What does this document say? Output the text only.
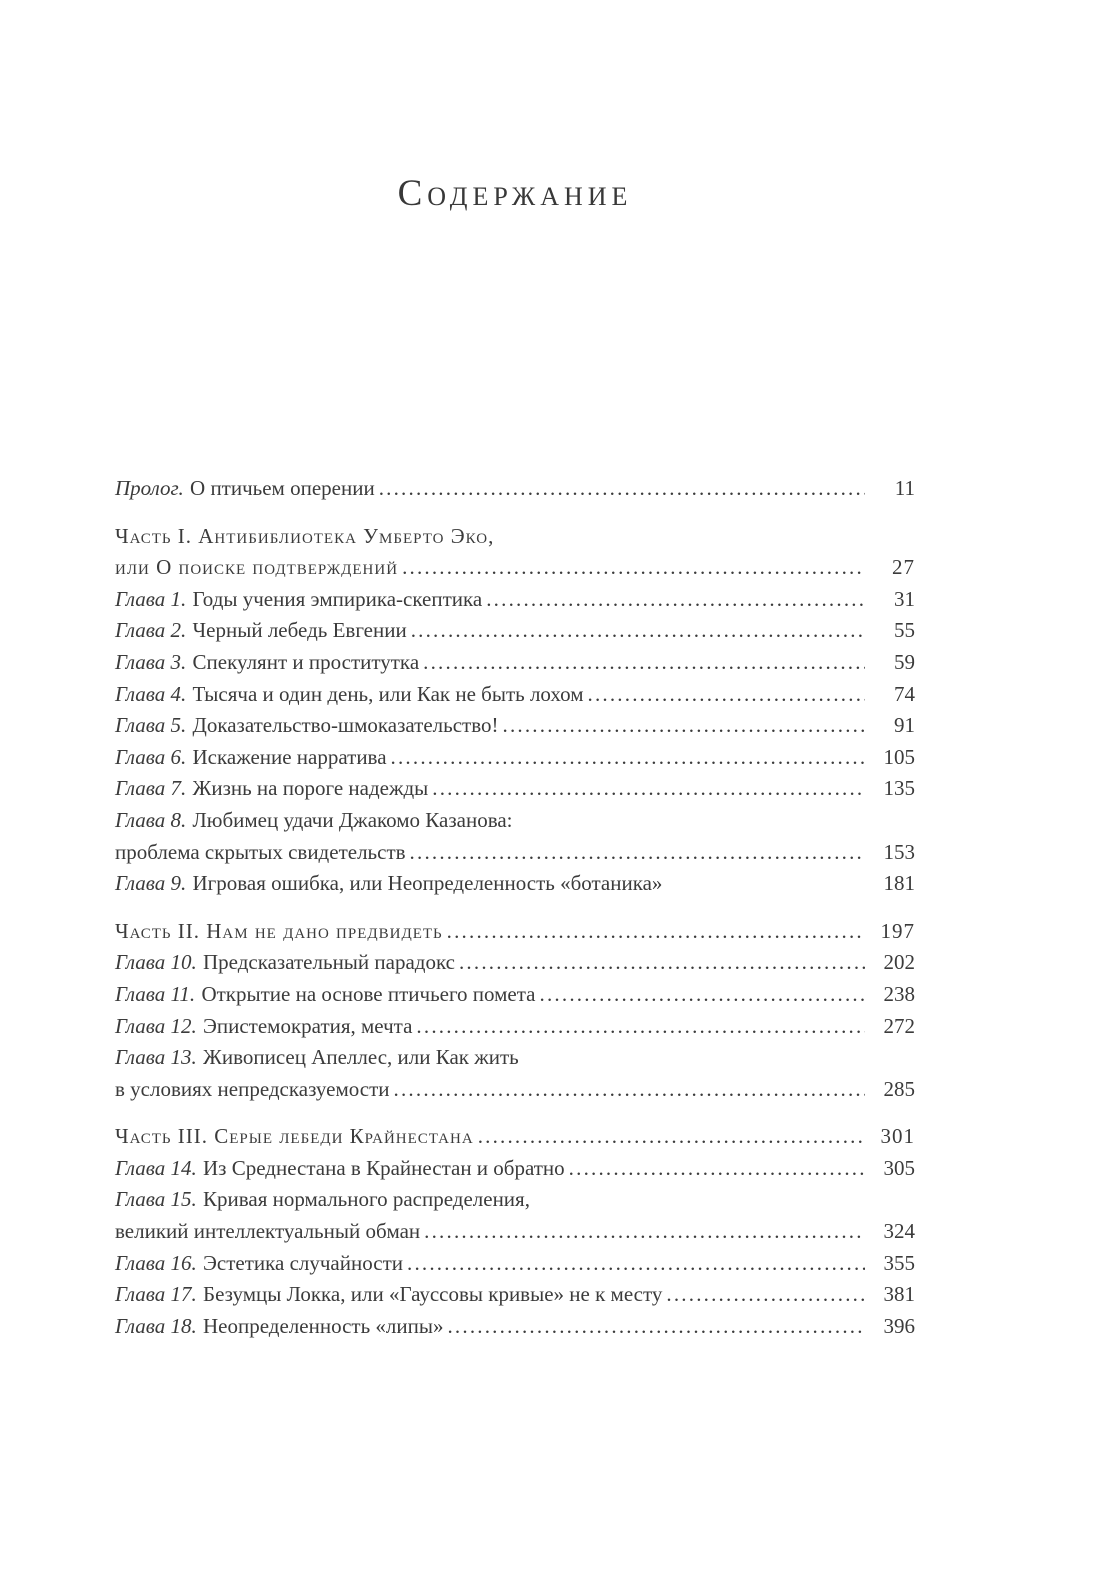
Содержание
Пролог. О птичьем оперении .....	11
Часть I. Антибиблиотека Умберто Эко,
или О поиске подтверждений .....	27
Глава 1. Годы учения эмпирика-скептика .....	31
Глава 2. Черный лебедь Евгении .....	55
Глава 3. Спекулянт и проститутка .....	59
Глава 4. Тысяча и один день, или Как не быть лохом .....	74
Глава 5. Доказательство-шмоказательство! .....	91
Глава 6. Искажение нарратива .....	105
Глава 7. Жизнь на пороге надежды .....	135
Глава 8. Любимец удачи Джакомо Казанова:
проблема скрытых свидетельств .....	153
Глава 9. Игровая ошибка, или Неопределенность «ботаника»	181
Часть II. Нам не дано предвидеть .....	197
Глава 10. Предсказательный парадокс .....	202
Глава 11. Открытие на основе птичьего помета .....	238
Глава 12. Эпистемократия, мечта .....	272
Глава 13. Живописец Апеллес, или Как жить
в условиях непредсказуемости .....	285
Часть III. Серые лебеди Крайнестана .....	301
Глава 14. Из Среднестана в Крайнестан и обратно .....	305
Глава 15. Кривая нормального распределения,
великий интеллектуальный обман .....	324
Глава 16. Эстетика случайности .....	355
Глава 17. Безумцы Локка, или «Гауссовы кривые» не к месту .....	381
Глава 18. Неопределенность «липы» .....	396
